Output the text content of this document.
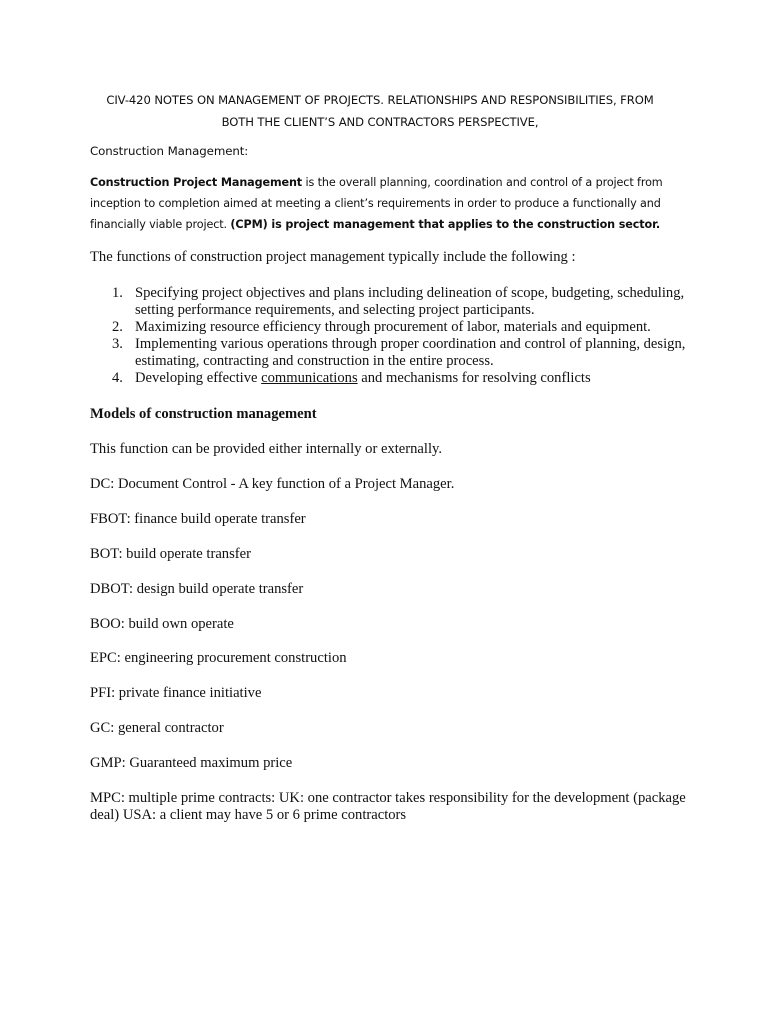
CIV-420 NOTES ON MANAGEMENT OF PROJECTS. RELATIONSHIPS AND RESPONSIBILITIES, FROM
BOTH THE CLIENT’S AND CONTRACTORS PERSPECTIVE,
Construction Management:
Construction Project Management is the overall planning, coordination and control of a project from inception to completion aimed at meeting a client’s requirements in order to produce a functionally and financially viable project. (CPM) is project management that applies to the construction sector.
The functions of construction project management typically include the following :
1. Specifying project objectives and plans including delineation of scope, budgeting, scheduling, setting performance requirements, and selecting project participants.
2. Maximizing resource efficiency through procurement of labor, materials and equipment.
3. Implementing various operations through proper coordination and control of planning, design, estimating, contracting and construction in the entire process.
4. Developing effective communications and mechanisms for resolving conflicts
Models of construction management
This function can be provided either internally or externally.
DC: Document Control - A key function of a Project Manager.
FBOT: finance build operate transfer
BOT: build operate transfer
DBOT: design build operate transfer
BOO: build own operate
EPC: engineering procurement construction
PFI: private finance initiative
GC: general contractor
GMP: Guaranteed maximum price
MPC: multiple prime contracts: UK: one contractor takes responsibility for the development (package deal) USA: a client may have 5 or 6 prime contractors
